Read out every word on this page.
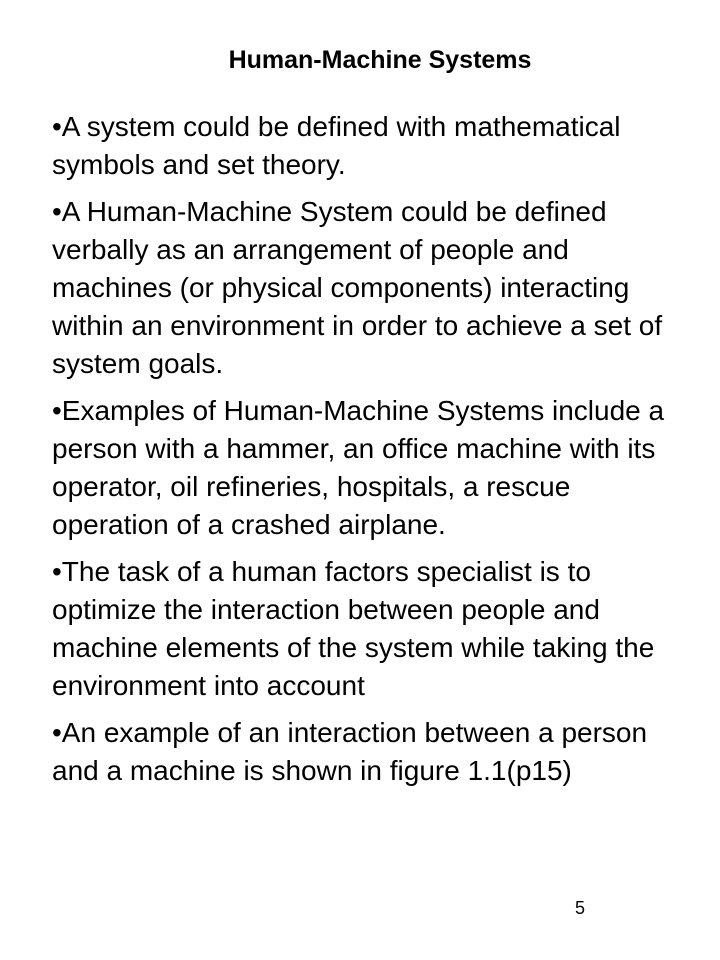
Human-Machine Systems
•A system could be defined with mathematical symbols and set theory.
•A Human-Machine System could be defined verbally as an arrangement of people and machines (or physical components) interacting within an environment in order to achieve a set of system goals.
•Examples of Human-Machine Systems include a person with a hammer, an office machine with its operator, oil refineries, hospitals, a rescue operation of a crashed airplane.
•The task of a human factors specialist is to optimize the interaction between people and machine elements of the system while taking the environment into account
•An example of an interaction between a person and a machine is shown in figure 1.1(p15)
5
